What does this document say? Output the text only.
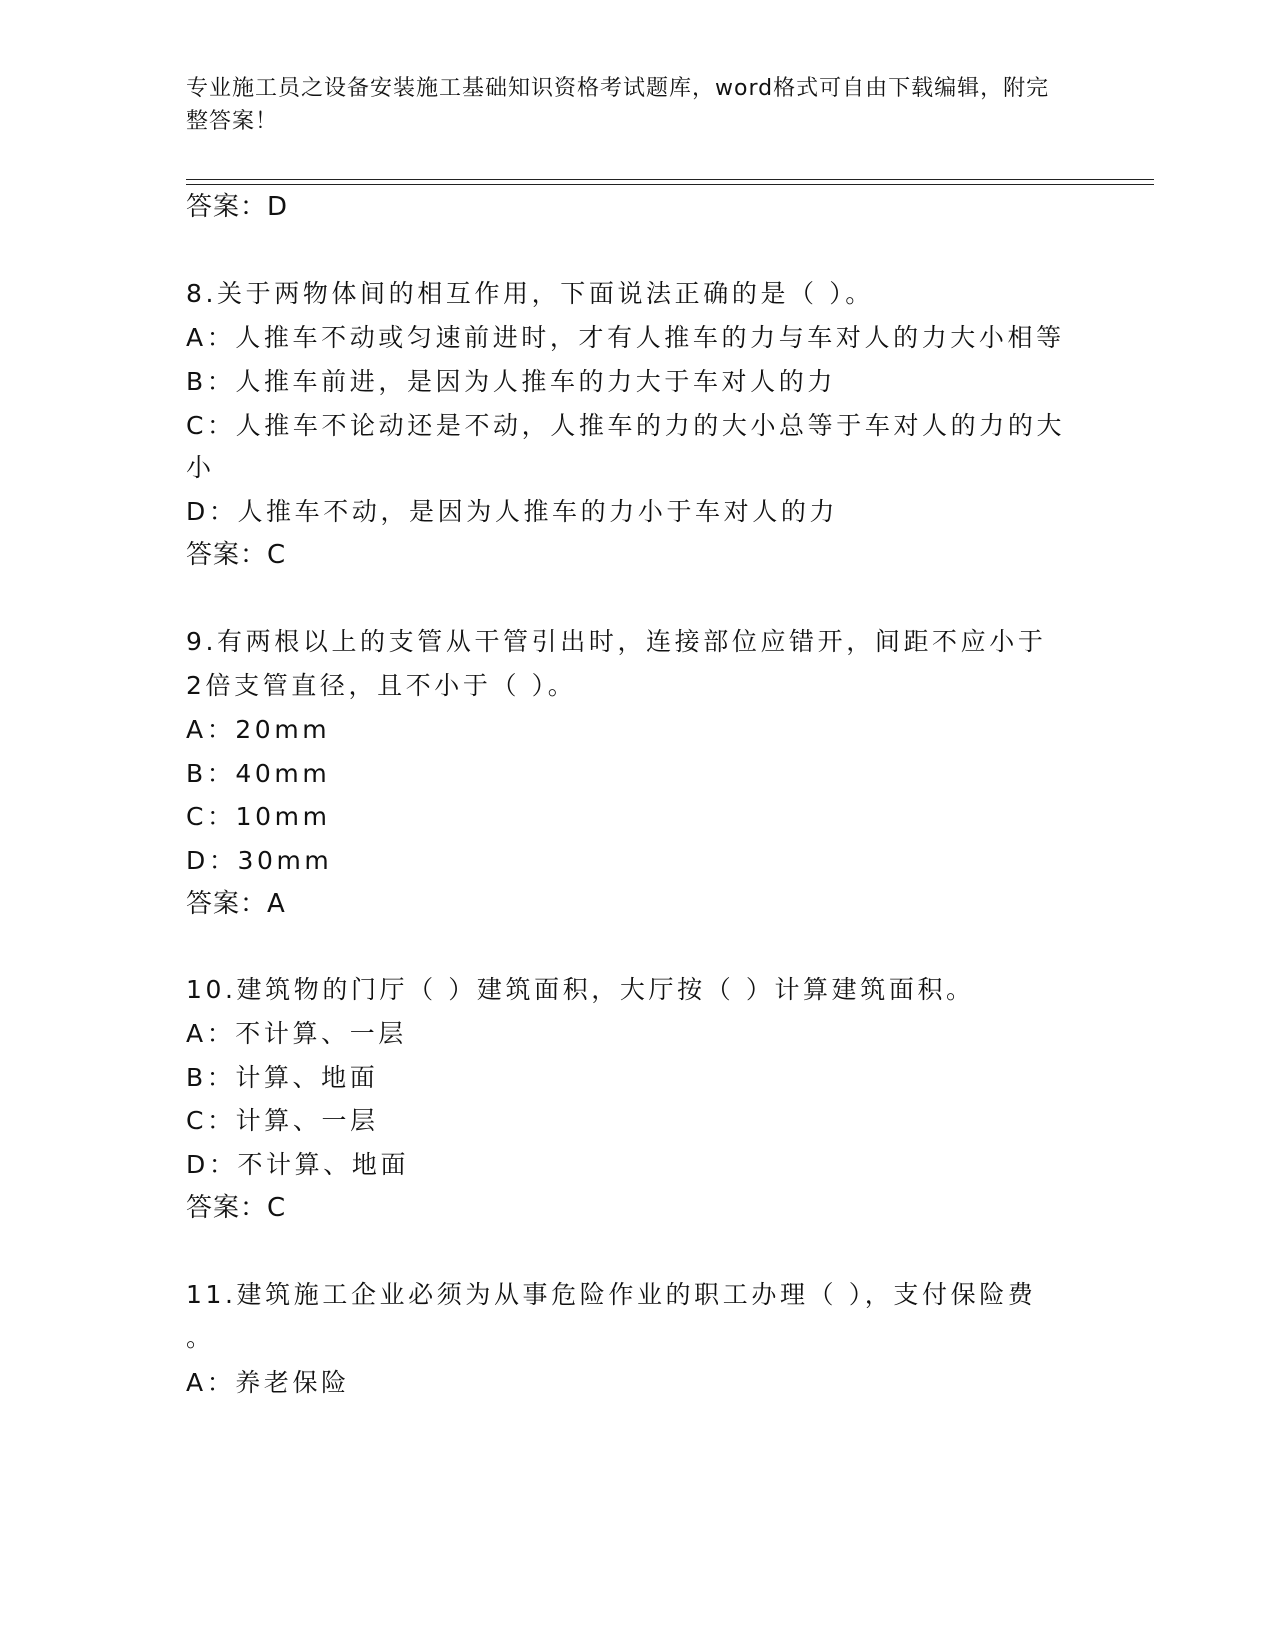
专业施工员之设备安装施工基础知识资格考试题库，word格式可自由下载编辑，附完整答案！
答案：D
8.关于两物体间的相互作用，下面说法正确的是（ ）。
A：人推车不动或匀速前进时，才有人推车的力与车对人的力大小相等
B：人推车前进，是因为人推车的力大于车对人的力
C：人推车不论动还是不动，人推车的力的大小总等于车对人的力的大
小
D：人推车不动，是因为人推车的力小于车对人的力
答案：C
9.有两根以上的支管从干管引出时，连接部位应错开，间距不应小于
2倍支管直径，且不小于（ ）。
A：20mm
B：40mm
C：10mm
D：30mm
答案：A
10.建筑物的门厅（ ）建筑面积，大厅按（ ）计算建筑面积。
A：不计算、一层
B：计算、地面
C：计算、一层
D：不计算、地面
答案：C
11.建筑施工企业必须为从事危险作业的职工办理（ ），支付保险费
。
A：养老保险
